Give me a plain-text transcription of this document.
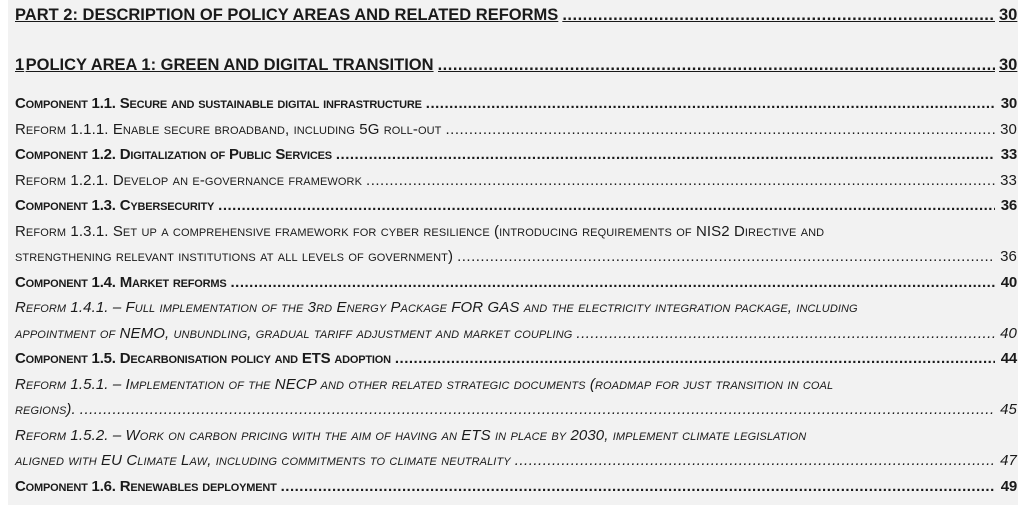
PART 2: DESCRIPTION OF POLICY AREAS AND RELATED REFORMS .....	30
1 POLICY AREA 1: GREEN AND DIGITAL TRANSITION .....	30
Component 1.1. Secure and sustainable digital infrastructure .....	30
Reform 1.1.1. Enable secure broadband, including 5G roll-out .....	30
Component 1.2. Digitalization of Public Services .....	33
Reform 1.2.1. Develop an e-governance framework .....	33
Component 1.3. Cybersecurity .....	36
Reform 1.3.1. Set up a comprehensive framework for cyber resilience (introducing requirements of NIS2 Directive and
strengthening relevant institutions at all levels of government) .....	36
Component 1.4. Market reforms .....	40
Reform 1.4.1. – Full implementation of the 3rd Energy Package FOR GAS and the electricity integration package, including
appointment of NEMO, unbundling, gradual tariff adjustment and market coupling .....	40
Component 1.5. Decarbonisation policy and ETS adoption .....	44
Reform 1.5.1. – Implementation of the NECP and other related strategic documents (roadmap for just transition in coal
regions). .....	45
Reform 1.5.2. – Work on carbon pricing with the aim of having an ETS in place by 2030, implement climate legislation
aligned with EU Climate Law, including commitments to climate neutrality .....	47
Component 1.6. Renewables deployment .....	49
